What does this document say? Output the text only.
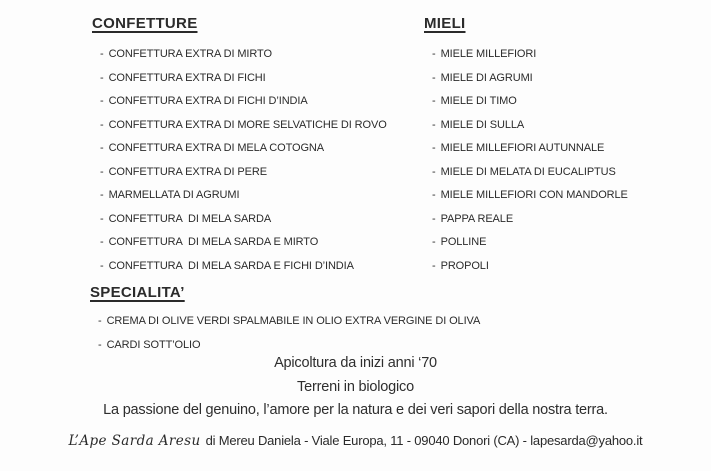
CONFETTURE
- CONFETTURA EXTRA DI MIRTO
- CONFETTURA EXTRA DI FICHI
- CONFETTURA EXTRA DI FICHI D’INDIA
- CONFETTURA EXTRA DI MORE SELVATICHE DI ROVO
- CONFETTURA EXTRA DI MELA COTOGNA
- CONFETTURA EXTRA DI PERE
- MARMELLATA DI AGRUMI
- CONFETTURA  DI MELA SARDA
- CONFETTURA  DI MELA SARDA E MIRTO
- CONFETTURA  DI MELA SARDA E FICHI D’INDIA
MIELI
- MIELE MILLEFIORI
- MIELE DI AGRUMI
- MIELE DI TIMO
- MIELE DI SULLA
- MIELE MILLEFIORI AUTUNNALE
- MIELE DI MELATA DI EUCALIPTUS
- MIELE MILLEFIORI CON MANDORLE
- PAPPA REALE
- POLLINE
- PROPOLI
SPECIALITA’
- CREMA DI OLIVE VERDI SPALMABILE IN OLIO EXTRA VERGINE DI OLIVA
- CARDI SOTT’OLIO
Apicoltura da inizi anni ‘70
Terreni in biologico
La passione del genuino, l’amore per la natura e dei veri sapori della nostra terra.
L’Ape Sarda Aresu di Mereu Daniela - Viale Europa, 11 - 09040 Donori (CA) - lapesarda@yahoo.it
